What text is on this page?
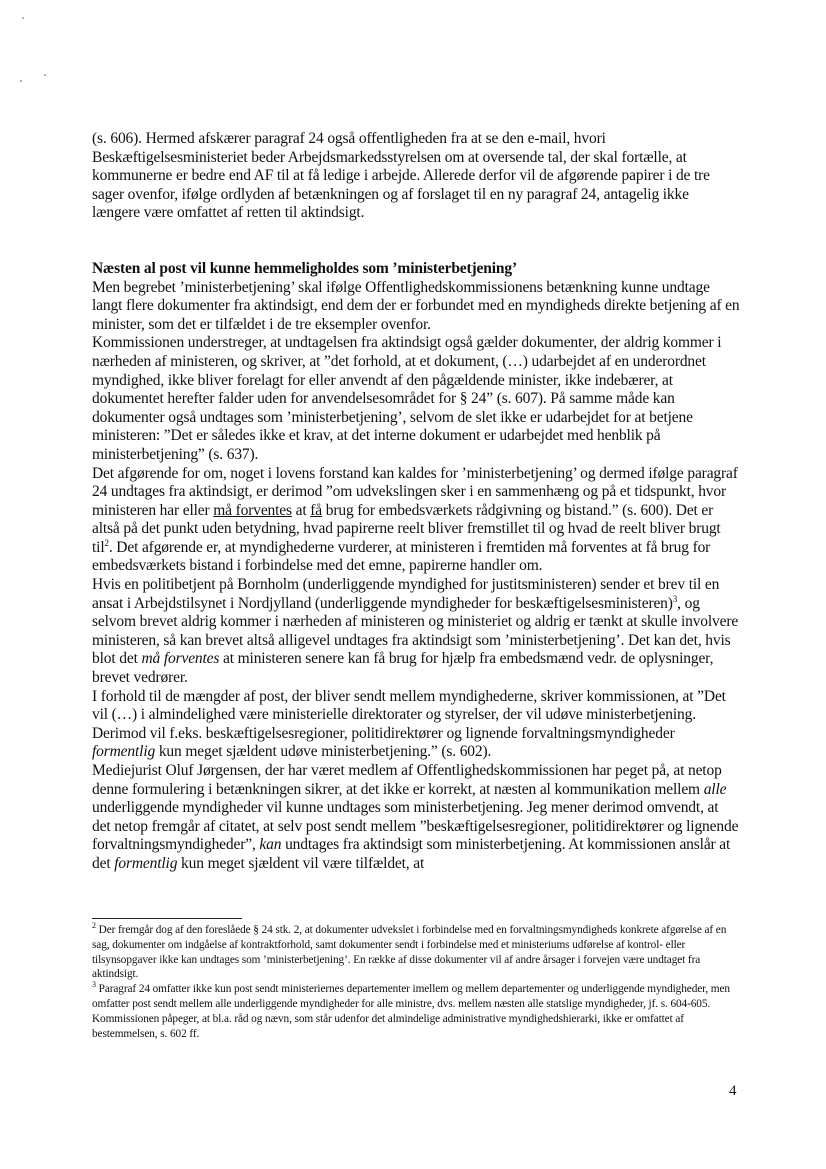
(s. 606). Hermed afskærer paragraf 24 også offentligheden fra at se den e-mail, hvori Beskæftigelsesministeriet beder Arbejdsmarkedsstyrelsen om at oversende tal, der skal fortælle, at kommunerne er bedre end AF til at få ledige i arbejde. Allerede derfor vil de afgørende papirer i de tre sager ovenfor, ifølge ordlyden af betænkningen og af forslaget til en ny paragraf 24, antagelig ikke længere være omfattet af retten til aktindsigt.

Næsten al post vil kunne hemmeligholdes som ’ministerbetjening’

Men begrebet ’ministerbetjening’ skal ifølge Offentlighedskommissionens betænkning kunne undtage langt flere dokumenter fra aktindsigt, end dem der er forbundet med en myndigheds direkte betjening af en minister, som det er tilfældet i de tre eksempler ovenfor.

Kommissionen understreger, at undtagelsen fra aktindsigt også gælder dokumenter, der aldrig kommer i nærheden af ministeren, og skriver, at ”det forhold, at et dokument, (…) udarbejdet af en underordnet myndighed, ikke bliver forelagt for eller anvendt af den pågældende minister, ikke indebærer, at dokumentet herefter falder uden for anvendelsesområdet for § 24” (s. 607). På samme måde kan dokumenter også undtages som ’ministerbetjening’, selvom de slet ikke er udarbejdet for at betjene ministeren: ”Det er således ikke et krav, at det interne dokument er udarbejdet med henblik på ministerbetjening” (s. 637).

Det afgørende for om, noget i lovens forstand kan kaldes for ’ministerbetjening’ og dermed ifølge paragraf 24 undtages fra aktindsigt, er derimod ”om udvekslingen sker i en sammenhæng og på et tidspunkt, hvor ministeren har eller må forventes at få brug for embedsværkets rådgivning og bistand.” (s. 600). Det er altså på det punkt uden betydning, hvad papirerne reelt bliver fremstillet til og hvad de reelt bliver brugt til$^2$. Det afgørende er, at myndighederne vurderer, at ministeren i fremtiden må forventes at få brug for embedsværkets bistand i forbindelse med det emne, papirerne handler om.

Hvis en politibetjent på Bornholm (underliggende myndighed for justitsministeren) sender et brev til en ansat i Arbejdstilsynet i Nordjylland (underliggende myndigheder for beskæftigelsesministeren)$^3$, og selvom brevet aldrig kommer i nærheden af ministeren og ministeriet og aldrig er tænkt at skulle involvere ministeren, så kan brevet altså alligevel undtages fra aktindsigt som ’ministerbetjening’. Det kan det, hvis blot det må forventes at ministeren senere kan få brug for hjælp fra embedsmænd vedr. de oplysninger, brevet vedrører.

I forhold til de mængder af post, der bliver sendt mellem myndighederne, skriver kommissionen, at ”Det vil (…) i almindelighed være ministerielle direktorater og styrelser, der vil udøve ministerbetjening. Derimod vil f.eks. beskæftigelsesregioner, politidirektører og lignende forvaltningsmyndigheder formentlig kun meget sjældent udøve ministerbetjening.” (s. 602).

Mediejurist Oluf Jørgensen, der har været medlem af Offentlighedskommissionen har peget på, at netop denne formulering i betænkningen sikrer, at det ikke er korrekt, at næsten al kommunikation mellem alle underliggende myndigheder vil kunne undtages som ministerbetjening. Jeg mener derimod omvendt, at det netop fremgår af citatet, at selv post sendt mellem ”beskæftigelsesregioner, politidirektører og lignende forvaltningsmyndigheder”, kan undtages fra aktindsigt som ministerbetjening. At kommissionen anslår at det formentlig kun meget sjældent vil være tilfældet, at

$^2$ Der fremgår dog af den foreslåede § 24 stk. 2, at dokumenter udvekslet i forbindelse med en forvaltningsmyndigheds konkrete afgørelse af en sag, dokumenter om indgåelse af kontraktforhold, samt dokumenter sendt i forbindelse med et ministeriums udførelse af kontrol- eller tilsynsopgaver ikke kan undtages som ’ministerbetjening’. En række af disse dokumenter vil af andre årsager i forvejen være undtaget fra aktindsigt.

$^3$ Paragraf 24 omfatter ikke kun post sendt ministeriernes departementer imellem og mellem departementer og underliggende myndigheder, men omfatter post sendt mellem alle underliggende myndigheder for alle ministre, dvs. mellem næsten alle statslige myndigheder, jf. s. 604-605. Kommissionen påpeger, at bl.a. råd og nævn, som står udenfor det almindelige administrative myndighedshierarki, ikke er omfattet af bestemmelsen, s. 602 ff.

4
